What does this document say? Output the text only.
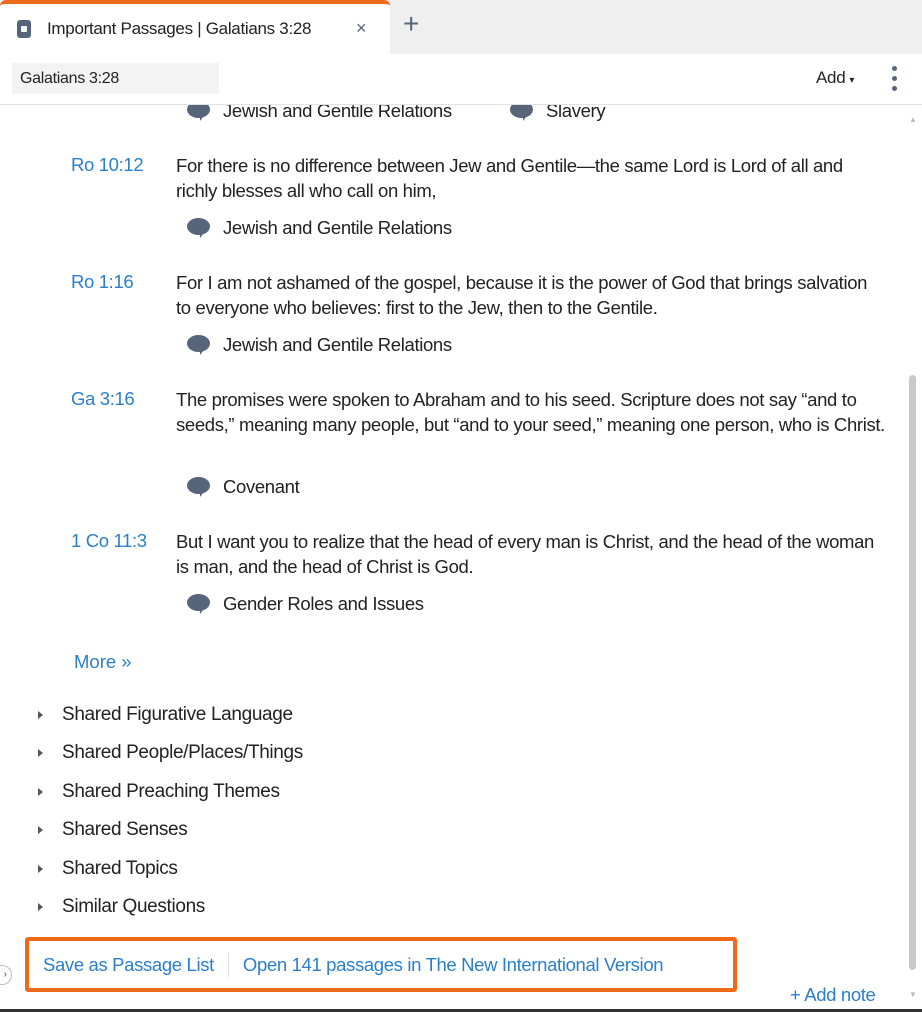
Important Passages | Galatians 3:28 × +
Galatians 3:28
Add ▾
Jewish and Gentile Relations	Slavery
Ro 10:12 For there is no difference between Jew and Gentile—the same Lord is Lord of all and richly blesses all who call on him,
Jewish and Gentile Relations
Ro 1:16 For I am not ashamed of the gospel, because it is the power of God that brings salvation to everyone who believes: first to the Jew, then to the Gentile.
Jewish and Gentile Relations
Ga 3:16 The promises were spoken to Abraham and to his seed. Scripture does not say “and to seeds,” meaning many people, but “and to your seed,” meaning one person, who is Christ.
Covenant
1 Co 11:3 But I want you to realize that the head of every man is Christ, and the head of the woman is man, and the head of Christ is God.
Gender Roles and Issues
More »
Shared Figurative Language
Shared People/Places/Things
Shared Preaching Themes
Shared Senses
Shared Topics
Similar Questions
Save as Passage List Open 141 passages in The New International Version
+ Add note
▲
▼
›
